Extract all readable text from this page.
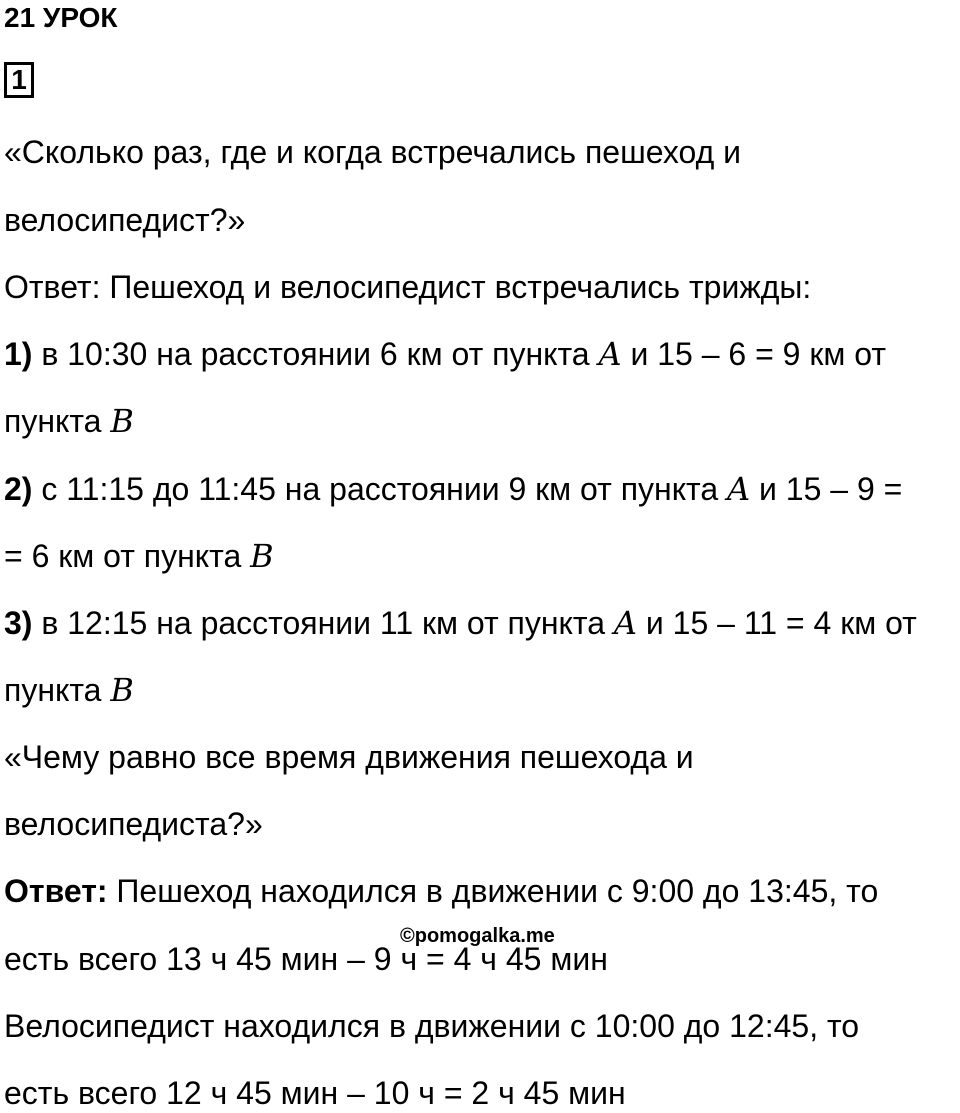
21 УРОК
1
«Сколько раз, где и когда встречались пешеход и
велосипедист?»
Ответ: Пешеход и велосипедист встречались трижды:
1) в 10:30 на расстоянии 6 км от пункта A и 15 – 6 = 9 км от
пункта B
2) с 11:15 до 11:45 на расстоянии 9 км от пункта A и 15 – 9 =
= 6 км от пункта B
3) в 12:15 на расстоянии 11 км от пункта A и 15 – 11 = 4 км от
пункта B
«Чему равно все время движения пешехода и
велосипедиста?»
Ответ: Пешеход находился в движении с 9:00 до 13:45, то
есть всего 13 ч 45 мин – 9 ч = 4 ч 45 мин
Велосипедист находился в движении с 10:00 до 12:45, то
есть всего 12 ч 45 мин – 10 ч = 2 ч 45 мин
©pomogalka.me
